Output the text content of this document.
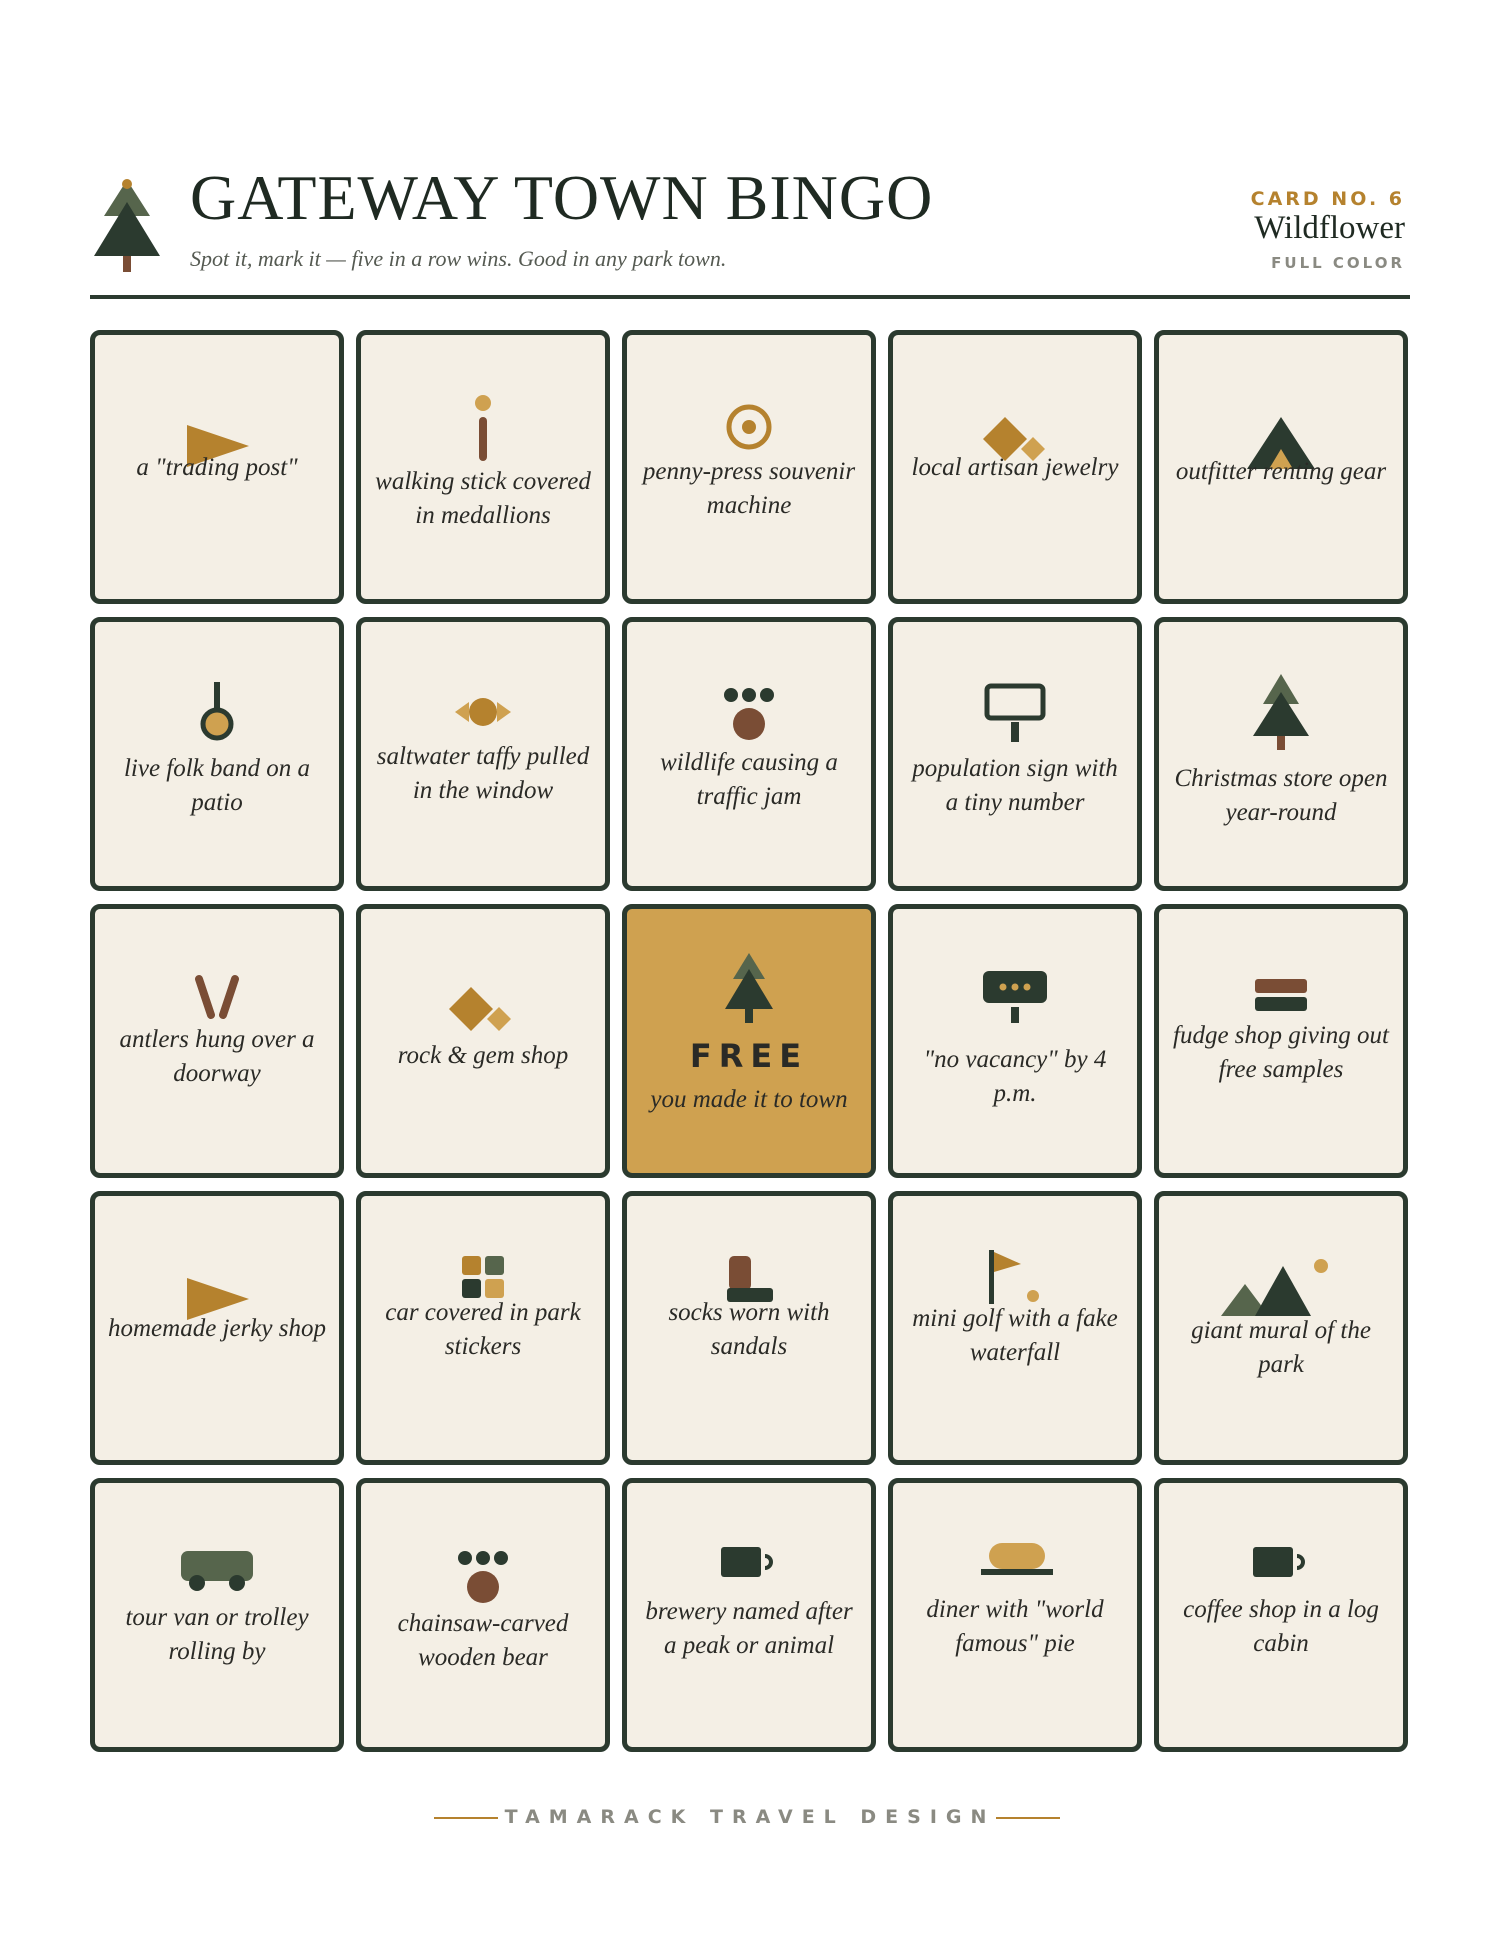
GATEWAY TOWN BINGO
Spot it, mark it — five in a row wins. Good in any park town.
CARD NO. 6
Wildflower
FULL COLOR
a "trading post"
walking stick covered in medallions
penny-press souvenir machine
local artisan jewelry outfitter renting gear
live folk band on a patio
saltwater taffy pulled in the window
wildlife causing a traffic jam
population sign with a tiny number
Christmas store open year-round
antlers hung over a doorway
rock & gem shop	FREE
you made it to town
"no vacancy" by 4 p.m.
fudge shop giving out free samples
homemade jerky shop
car covered in park stickers
socks worn with sandals
mini golf with a fake waterfall
giant mural of the park
tour van or trolley rolling by
chainsaw-carved wooden bear
brewery named after a peak or animal
diner with "world famous" pie
coffee shop in a log cabin
TAMARACK TRAVEL DESIGN
